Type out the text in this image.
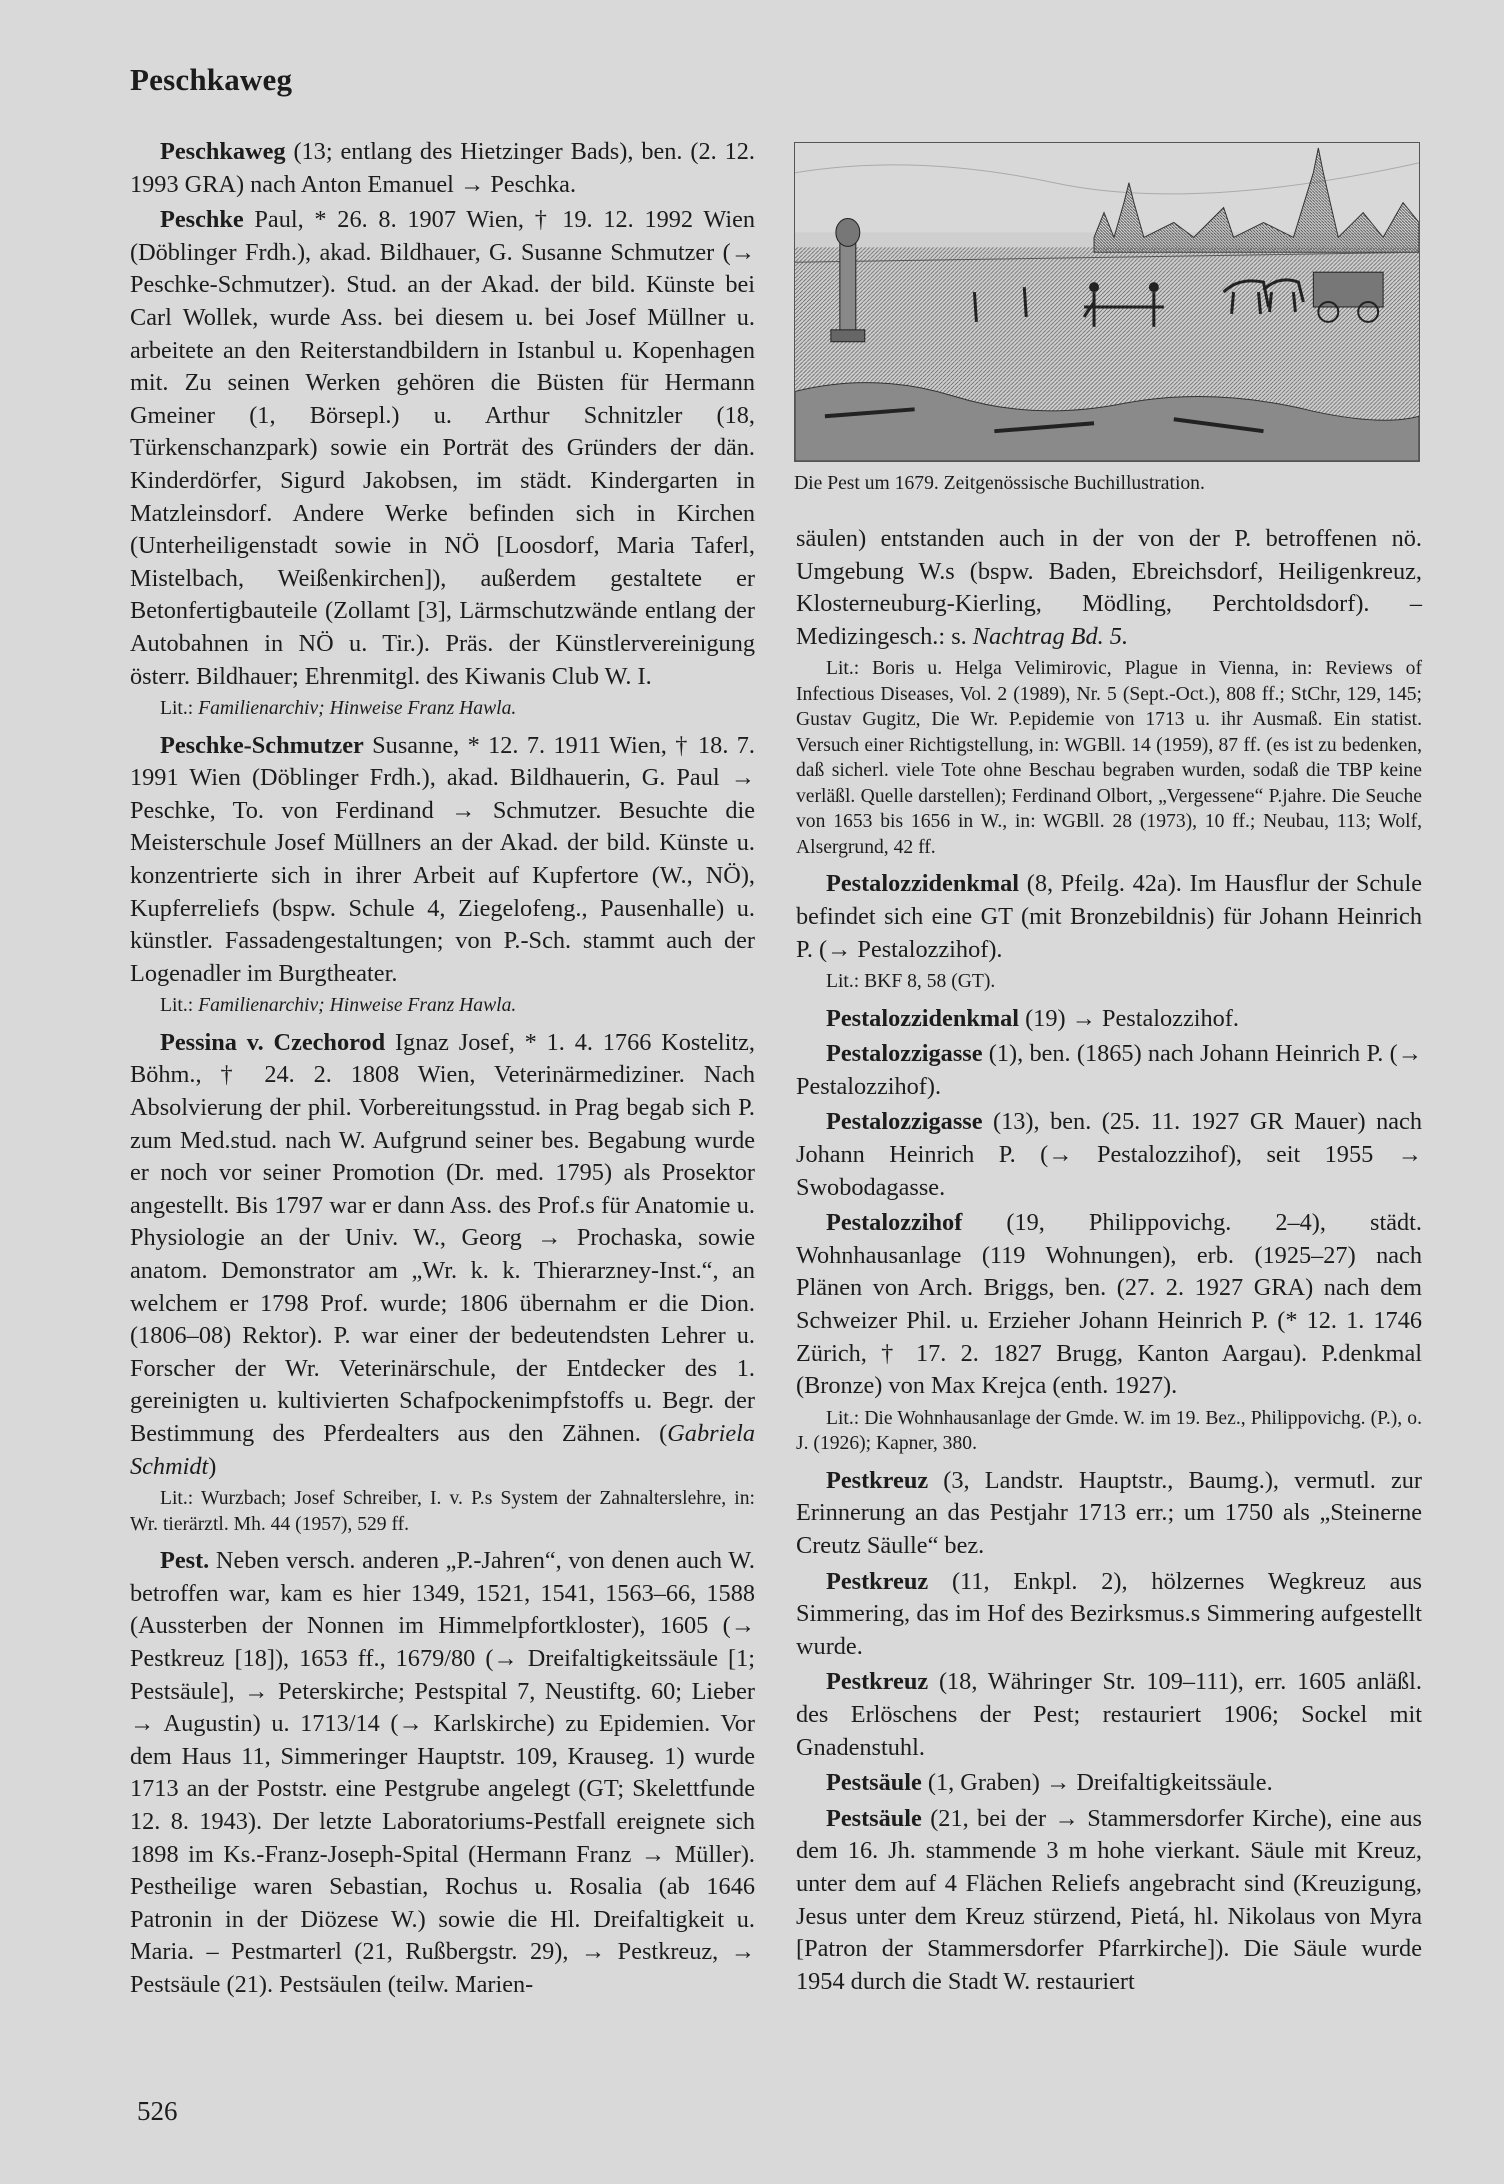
Peschkaweg

Peschkaweg (13; entlang des Hietzinger Bads), ben. (2. 12. 1993 GRA) nach Anton Emanuel → Peschka.

Peschke Paul, * 26. 8. 1907 Wien, † 19. 12. 1992 Wien (Döblinger Frdh.), akad. Bildhauer, G. Susanne Schmutzer (→ Peschke-Schmutzer). Stud. an der Akad. der bild. Künste bei Carl Wollek, wurde Ass. bei diesem u. bei Josef Müllner u. arbeitete an den Reiterstandbildern in Istanbul u. Kopenhagen mit. Zu seinen Werken gehören die Büsten für Hermann Gmeiner (1, Börsepl.) u. Arthur Schnitzler (18, Türkenschanzpark) sowie ein Porträt des Gründers der dän. Kinderdörfer, Sigurd Jakobsen, im städt. Kindergarten in Matzleinsdorf. Andere Werke befinden sich in Kirchen (Unterheiligenstadt sowie in NÖ [Loosdorf, Maria Taferl, Mistelbach, Weißenkirchen]), außerdem gestaltete er Betonfertigbauteile (Zollamt [3], Lärmschutzwände entlang der Autobahnen in NÖ u. Tir.). Präs. der Künstlervereinigung österr. Bildhauer; Ehrenmitgl. des Kiwanis Club W. I.

Lit.: Familienarchiv; Hinweise Franz Hawla.

Peschke-Schmutzer Susanne, * 12. 7. 1911 Wien, † 18. 7. 1991 Wien (Döblinger Frdh.), akad. Bildhauerin, G. Paul → Peschke, To. von Ferdinand → Schmutzer. Besuchte die Meisterschule Josef Müllners an der Akad. der bild. Künste u. konzentrierte sich in ihrer Arbeit auf Kupfertore (W., NÖ), Kupferreliefs (bspw. Schule 4, Ziegelofeng., Pausenhalle) u. künstler. Fassadengestaltungen; von P.-Sch. stammt auch der Logenadler im Burgtheater.

Lit.: Familienarchiv; Hinweise Franz Hawla.

Pessina v. Czechorod Ignaz Josef, * 1. 4. 1766 Kostelitz, Böhm., † 24. 2. 1808 Wien, Veterinärmediziner. Nach Absolvierung der phil. Vorbereitungsstud. in Prag begab sich P. zum Med.stud. nach W. Aufgrund seiner bes. Begabung wurde er noch vor seiner Promotion (Dr. med. 1795) als Prosektor angestellt. Bis 1797 war er dann Ass. des Prof.s für Anatomie u. Physiologie an der Univ. W., Georg → Prochaska, sowie anatom. Demonstrator am „Wr. k. k. Thierarzney-Inst.“, an welchem er 1798 Prof. wurde; 1806 übernahm er die Dion. (1806–08) Rektor). P. war einer der bedeutendsten Lehrer u. Forscher der Wr. Veterinärschule, der Entdecker des 1. gereinigten u. kultivierten Schafpockenimpfstoffs u. Begr. der Bestimmung des Pferdealters aus den Zähnen. (Gabriela Schmidt)

Lit.: Wurzbach; Josef Schreiber, I. v. P.s System der Zahnalterslehre, in: Wr. tierärztl. Mh. 44 (1957), 529 ff.

Pest. Neben versch. anderen „P.-Jahren“, von denen auch W. betroffen war, kam es hier 1349, 1521, 1541, 1563–66, 1588 (Aussterben der Nonnen im Himmelpfortkloster), 1605 (→ Pestkreuz [18]), 1653 ff., 1679/80 (→ Dreifaltigkeitssäule [1; Pestsäule], → Peterskirche; Pestspital 7, Neustiftg. 60; Lieber → Augustin) u. 1713/14 (→ Karlskirche) zu Epidemien. Vor dem Haus 11, Simmeringer Hauptstr. 109, Krauseg. 1) wurde 1713 an der Poststr. eine Pestgrube angelegt (GT; Skelettfunde 12. 8. 1943). Der letzte Laboratoriums-Pestfall ereignete sich 1898 im Ks.-Franz-Joseph-Spital (Hermann Franz → Müller). Pestheilige waren Sebastian, Rochus u. Rosalia (ab 1646 Patronin in der Diözese W.) sowie die Hl. Dreifaltigkeit u. Maria. – Pestmarterl (21, Rußbergstr. 29), → Pestkreuz, → Pestsäule (21). Pestsäulen (teilw. Marien-

Die Pest um 1679. Zeitgenössische Buchillustration.

säulen) entstanden auch in der von der P. betroffenen nö. Umgebung W.s (bspw. Baden, Ebreichsdorf, Heiligenkreuz, Klosterneuburg-Kierling, Mödling, Perchtoldsdorf). – Medizingesch.: s. Nachtrag Bd. 5.

Lit.: Boris u. Helga Velimirovic, Plague in Vienna, in: Reviews of Infectious Diseases, Vol. 2 (1989), Nr. 5 (Sept.-Oct.), 808 ff.; StChr, 129, 145; Gustav Gugitz, Die Wr. P.epidemie von 1713 u. ihr Ausmaß. Ein statist. Versuch einer Richtigstellung, in: WGBll. 14 (1959), 87 ff. (es ist zu bedenken, daß sicherl. viele Tote ohne Beschau begraben wurden, sodaß die TBP keine verläßl. Quelle darstellen); Ferdinand Olbort, „Vergessene“ P.jahre. Die Seuche von 1653 bis 1656 in W., in: WGBll. 28 (1973), 10 ff.; Neubau, 113; Wolf, Alsergrund, 42 ff.

Pestalozzidenkmal (8, Pfeilg. 42a). Im Hausflur der Schule befindet sich eine GT (mit Bronzebildnis) für Johann Heinrich P. (→ Pestalozzihof).

Lit.: BKF 8, 58 (GT).

Pestalozzidenkmal (19) → Pestalozzihof.

Pestalozzigasse (1), ben. (1865) nach Johann Heinrich P. (→ Pestalozzihof).

Pestalozzigasse (13), ben. (25. 11. 1927 GR Mauer) nach Johann Heinrich P. (→ Pestalozzihof), seit 1955 → Swobodagasse.

Pestalozzihof (19, Philippovichg. 2–4), städt. Wohnhausanlage (119 Wohnungen), erb. (1925–27) nach Plänen von Arch. Briggs, ben. (27. 2. 1927 GRA) nach dem Schweizer Phil. u. Erzieher Johann Heinrich P. (* 12. 1. 1746 Zürich, † 17. 2. 1827 Brugg, Kanton Aargau). P.denkmal (Bronze) von Max Krejca (enth. 1927).

Lit.: Die Wohnhausanlage der Gmde. W. im 19. Bez., Philippovichg. (P.), o. J. (1926); Kapner, 380.

Pestkreuz (3, Landstr. Hauptstr., Baumg.), vermutl. zur Erinnerung an das Pestjahr 1713 err.; um 1750 als „Steinerne Creutz Säulle“ bez.

Pestkreuz (11, Enkpl. 2), hölzernes Wegkreuz aus Simmering, das im Hof des Bezirksmus.s Simmering aufgestellt wurde.

Pestkreuz (18, Währinger Str. 109–111), err. 1605 anläßl. des Erlöschens der Pest; restauriert 1906; Sockel mit Gnadenstuhl.

Pestsäule (1, Graben) → Dreifaltigkeitssäule.

Pestsäule (21, bei der → Stammersdorfer Kirche), eine aus dem 16. Jh. stammende 3 m hohe vierkant. Säule mit Kreuz, unter dem auf 4 Flächen Reliefs angebracht sind (Kreuzigung, Jesus unter dem Kreuz stürzend, Pietá, hl. Nikolaus von Myra [Patron der Stammersdorfer Pfarrkirche]). Die Säule wurde 1954 durch die Stadt W. restauriert

526
